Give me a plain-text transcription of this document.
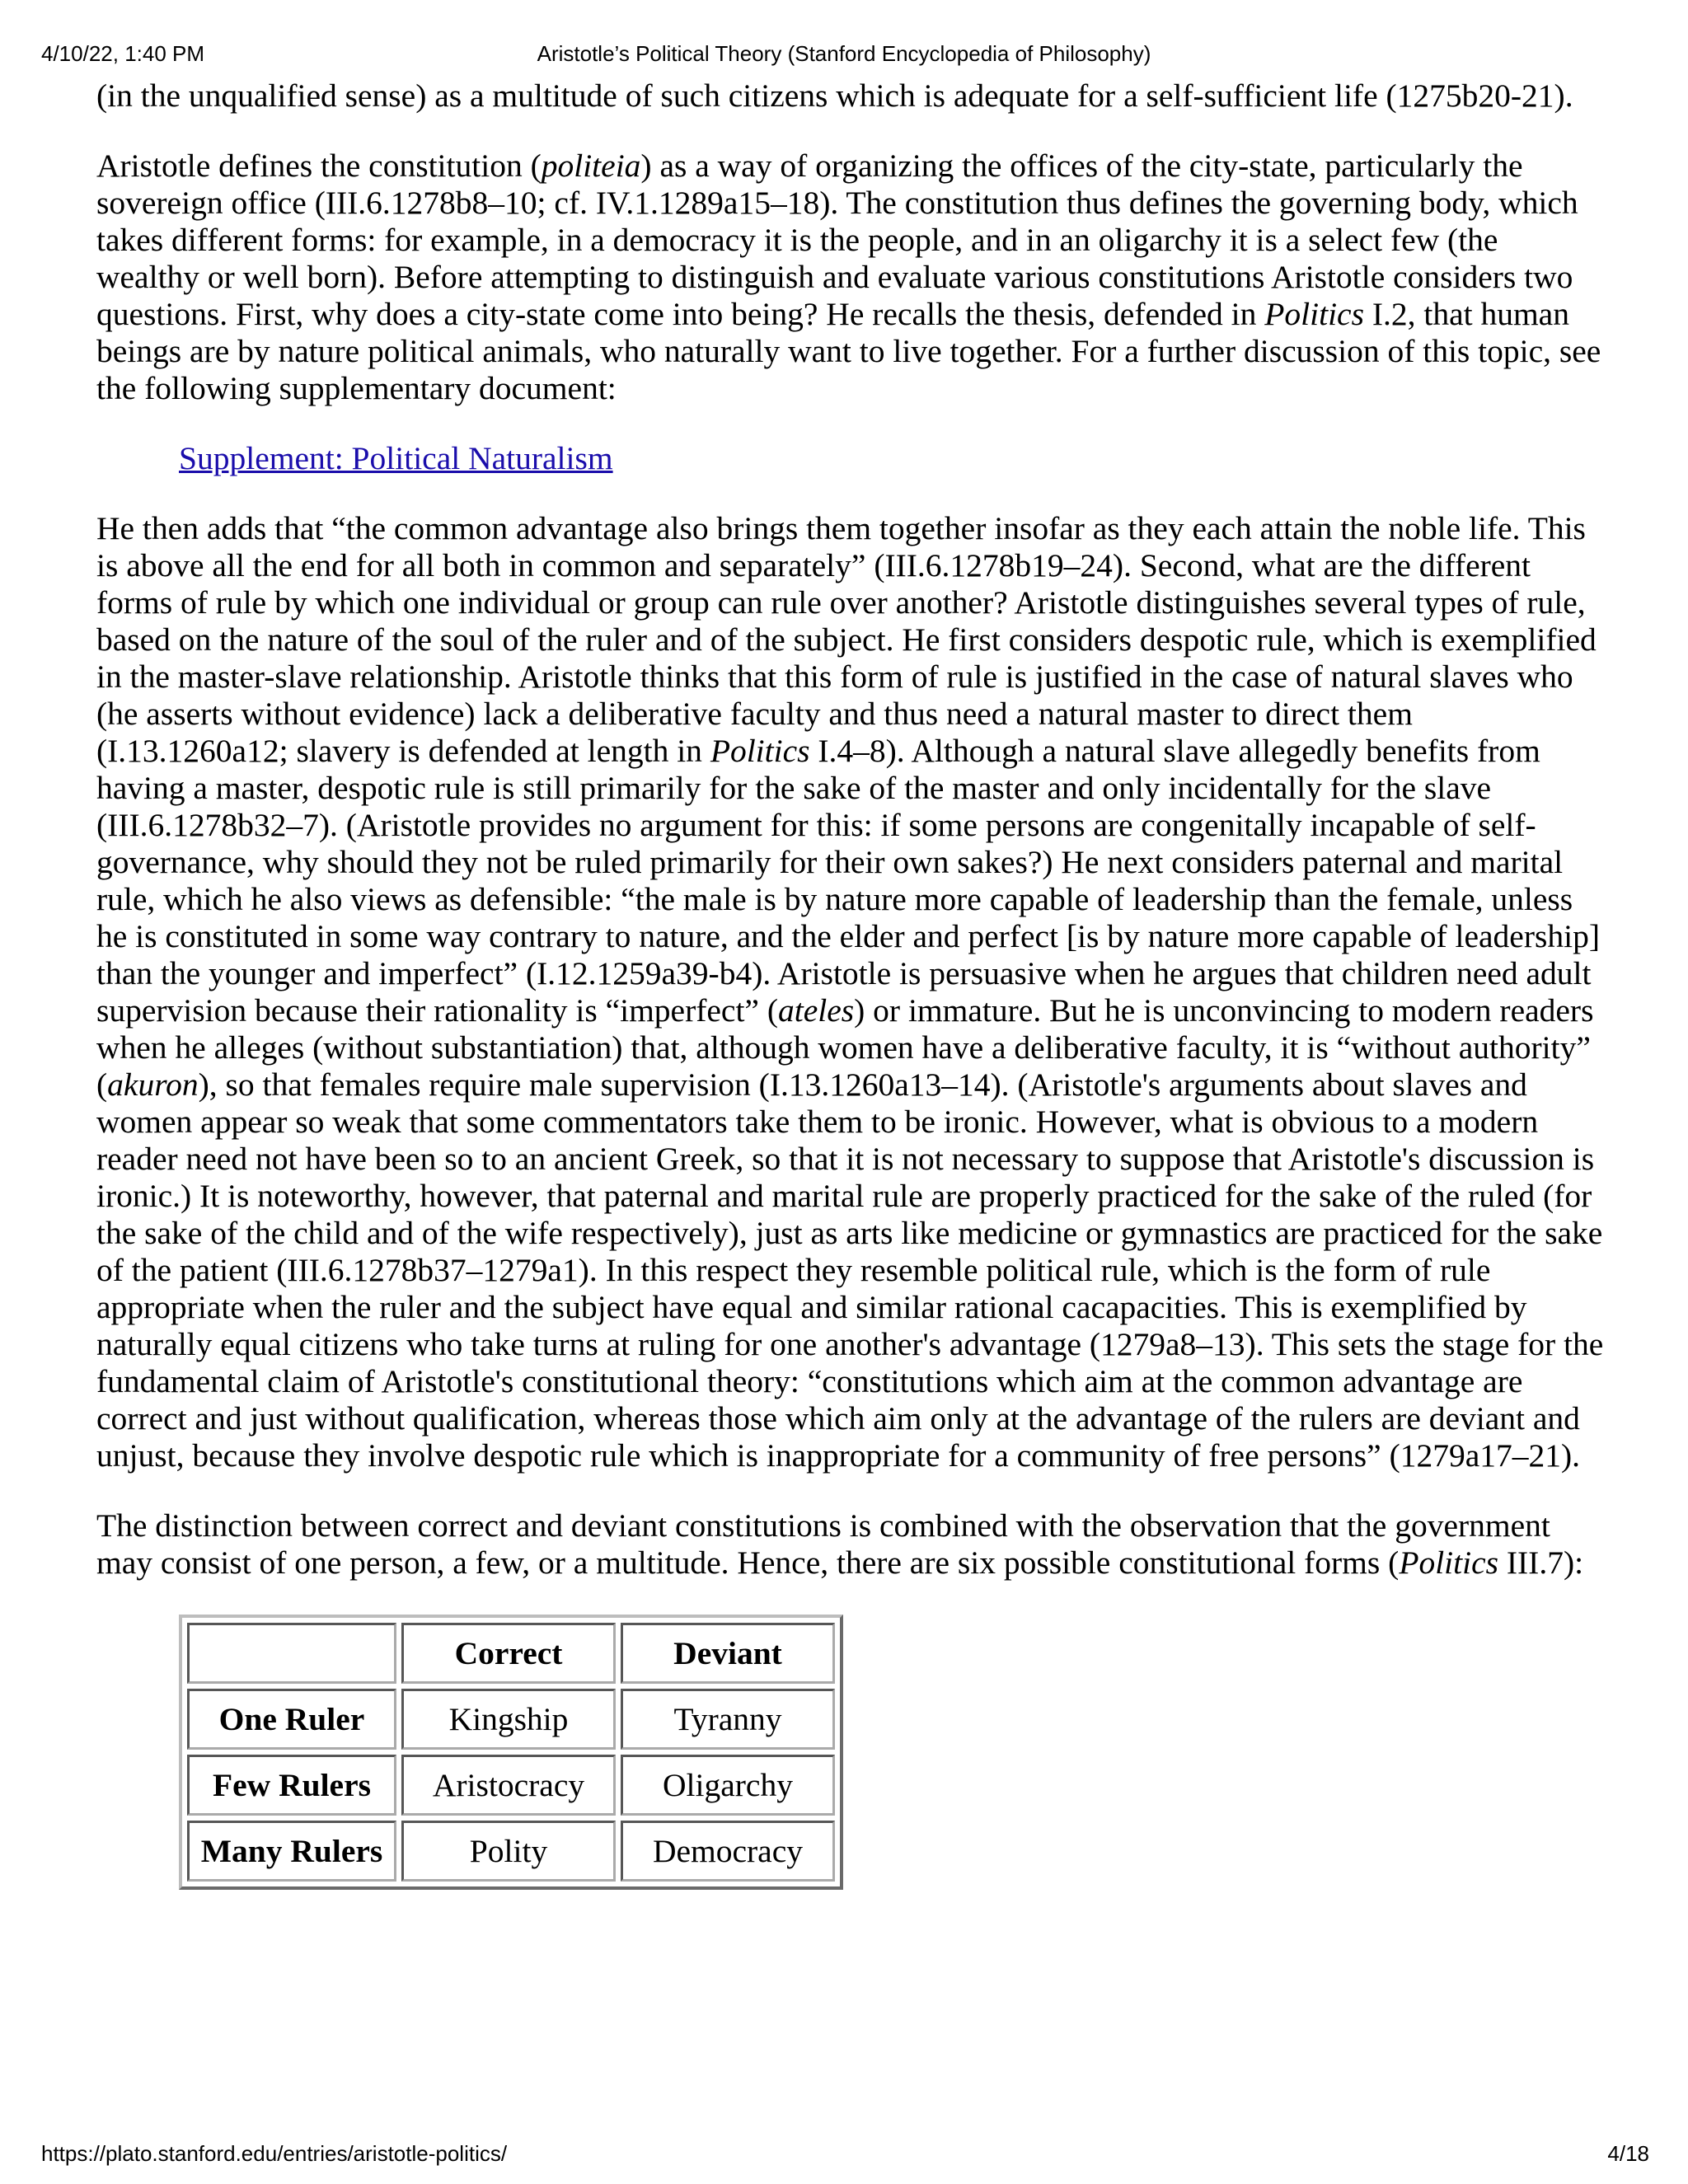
4/10/22, 1:40 PM	Aristotle’s Political Theory (Stanford Encyclopedia of Philosophy)

(in the unqualified sense) as a multitude of such citizens which is adequate for a self-sufficient life (1275b20-21).

Aristotle defines the constitution (politeia) as a way of organizing the offices of the city-state, particularly the sovereign office (III.6.1278b8–10; cf. IV.1.1289a15–18). The constitution thus defines the governing body, which takes different forms: for example, in a democracy it is the people, and in an oligarchy it is a select few (the wealthy or well born). Before attempting to distinguish and evaluate various constitutions Aristotle considers two questions. First, why does a city-state come into being? He recalls the thesis, defended in Politics I.2, that human beings are by nature political animals, who naturally want to live together. For a further discussion of this topic, see the following supplementary document:

Supplement: Political Naturalism

He then adds that “the common advantage also brings them together insofar as they each attain the noble life. This is above all the end for all both in common and separately” (III.6.1278b19–24). Second, what are the different forms of rule by which one individual or group can rule over another? Aristotle distinguishes several types of rule, based on the nature of the soul of the ruler and of the subject. He first considers despotic rule, which is exemplified in the master-slave relationship. Aristotle thinks that this form of rule is justified in the case of natural slaves who (he asserts without evidence) lack a deliberative faculty and thus need a natural master to direct them (I.13.1260a12; slavery is defended at length in Politics I.4–8). Although a natural slave allegedly benefits from having a master, despotic rule is still primarily for the sake of the master and only incidentally for the slave (III.6.1278b32–7). (Aristotle provides no argument for this: if some persons are congenitally incapable of self-governance, why should they not be ruled primarily for their own sakes?) He next considers paternal and marital rule, which he also views as defensible: “the male is by nature more capable of leadership than the female, unless he is constituted in some way contrary to nature, and the elder and perfect [is by nature more capable of leadership] than the younger and imperfect” (I.12.1259a39-b4). Aristotle is persuasive when he argues that children need adult supervision because their rationality is “imperfect” (ateles) or immature. But he is unconvincing to modern readers when he alleges (without substantiation) that, although women have a deliberative faculty, it is “without authority” (akuron), so that females require male supervision (I.13.1260a13–14). (Aristotle's arguments about slaves and women appear so weak that some commentators take them to be ironic. However, what is obvious to a modern reader need not have been so to an ancient Greek, so that it is not necessary to suppose that Aristotle's discussion is ironic.) It is noteworthy, however, that paternal and marital rule are properly practiced for the sake of the ruled (for the sake of the child and of the wife respectively), just as arts like medicine or gymnastics are practiced for the sake of the patient (III.6.1278b37–1279a1). In this respect they resemble political rule, which is the form of rule appropriate when the ruler and the subject have equal and similar rational cacapacities. This is exemplified by naturally equal citizens who take turns at ruling for one another's advantage (1279a8–13). This sets the stage for the fundamental claim of Aristotle's constitutional theory: “constitutions which aim at the common advantage are correct and just without qualification, whereas those which aim only at the advantage of the rulers are deviant and unjust, because they involve despotic rule which is inappropriate for a community of free persons” (1279a17–21).

The distinction between correct and deviant constitutions is combined with the observation that the government may consist of one person, a few, or a multitude. Hence, there are six possible constitutional forms (Politics III.7):

	Correct	Deviant
One Ruler	Kingship	Tyranny
Few Rulers	Aristocracy	Oligarchy
Many Rulers	Polity	Democracy
https://plato.stanford.edu/entries/aristotle-politics/	4/18
